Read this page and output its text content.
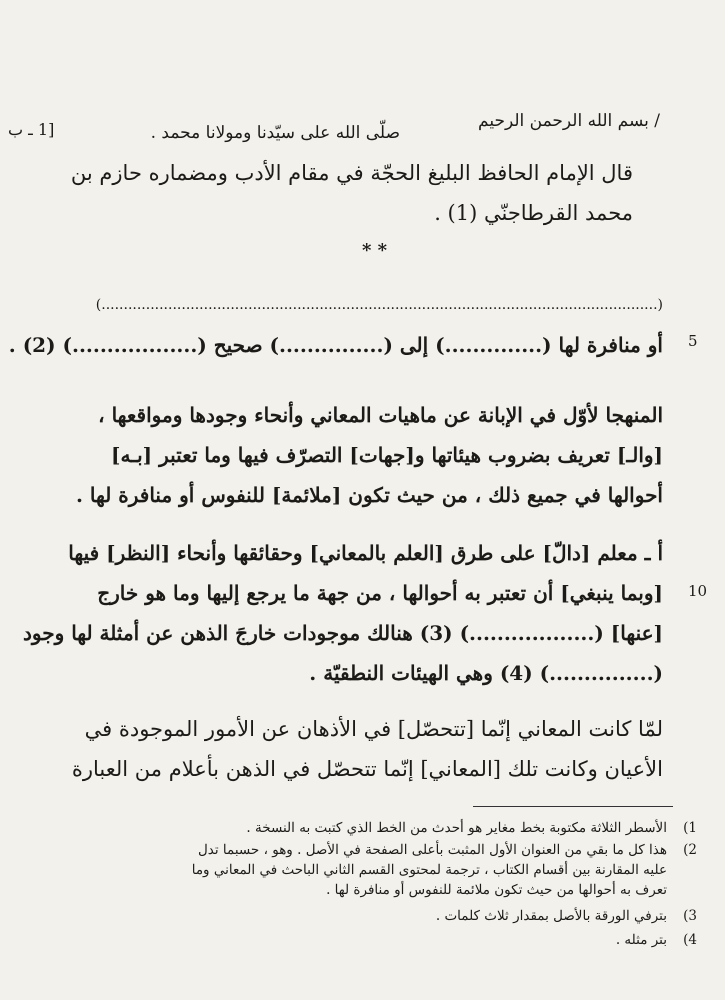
[1 ـ ب
5
10
/ بسم الله الرحمن الرحيم
صلّى الله على سيّدنا ومولانا محمد .
قال الإمام الحافظ البليغ الحجّة في مقام الأدب ومضماره حازم بن
محمد القرطاجنّي (1) .
* *
(.............................................................................................................................)
أو منافرة لها (..............) إلى (...............) صحيح (..................) (2) .
المنهجا لأوّل في الإبانة عن ماهيات المعاني وأنحاء وجودها ومواقعها ،
[والـ] تعريف بضروب هيئاتها و[جهات] التصرّف فيها وما تعتبر [بـه]
أحوالها في جميع ذلك ، من حيث تكون [ملائمة] للنفوس أو منافرة لها .
أ ـ معلم [دالّ] على طرق [العلم بالمعاني] وحقائقها وأنحاء [النظر] فيها
[وبما ينبغي] أن تعتبر به أحوالها ، من جهة ما يرجع إليها وما هو خارج
[عنها] (..................) (3) هنالك موجودات خارجَ الذهن عن أمثلة لها وجود
(...............) (4) وهي الهيئات النطقيّة .
لمّا كانت المعاني إنّما [تتحصّل] في الأذهان عن الأمور الموجودة في
الأعيان وكانت تلك [المعاني] إنّما تتحصّل في الذهن بأعلام من العبارة
1)الأسطر الثلاثة مكتوبة بخط مغاير هو أحدث من الخط الذي كتبت به النسخة .
2)هذا كل ما بقي من العنوان الأول المثبت بأعلى الصفحة في الأصل . وهو ، حسبما تدل
عليه المقارنة بين أقسام الكتاب ، ترجمة لمحتوى القسم الثاني الباحث في المعاني وما
تعرف به أحوالها من حيث تكون ملائمة للنفوس أو منافرة لها .
3)بترفي الورقة بالأصل بمقدار ثلاث كلمات .
4)بتر مثله .
